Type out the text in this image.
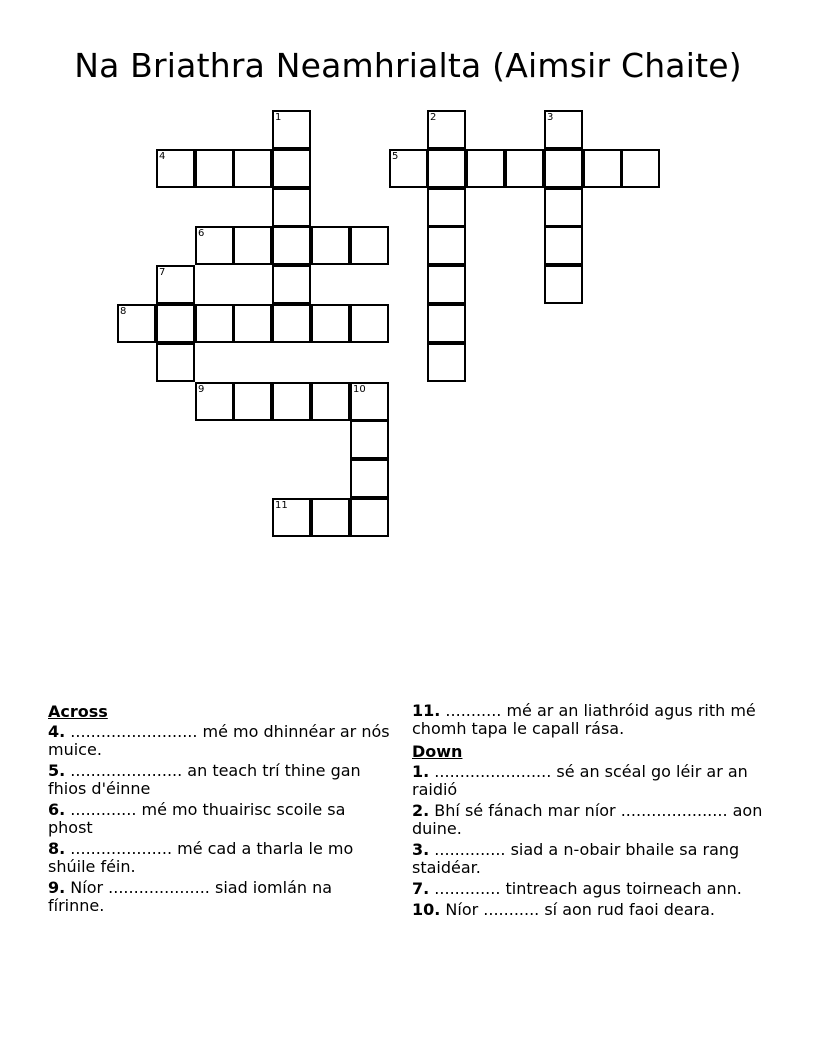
Na Briathra Neamhrialta (Aimsir Chaite)
1	2	3
4	5
6
7
8
9	10
11
Across
4. ......................... mé mo dhinnéar ar nós muice.
5. ...................... an teach trí thine gan fhios d'éinne
6. ............. mé mo thuairisc scoile sa phost
8. .................... mé cad a tharla le mo shúile féin.
9. Níor .................... siad iomlán na fírinne.
11. ........... mé ar an liathróid agus rith mé chomh tapa le capall rása.
Down
1. ....................... sé an scéal go léir ar an raidió
2. Bhí sé fánach mar níor ..................... aon duine.
3. .............. siad a n-obair bhaile sa rang staidéar.
7. ............. tintreach agus toirneach ann.
10. Níor ........... sí aon rud faoi deara.
